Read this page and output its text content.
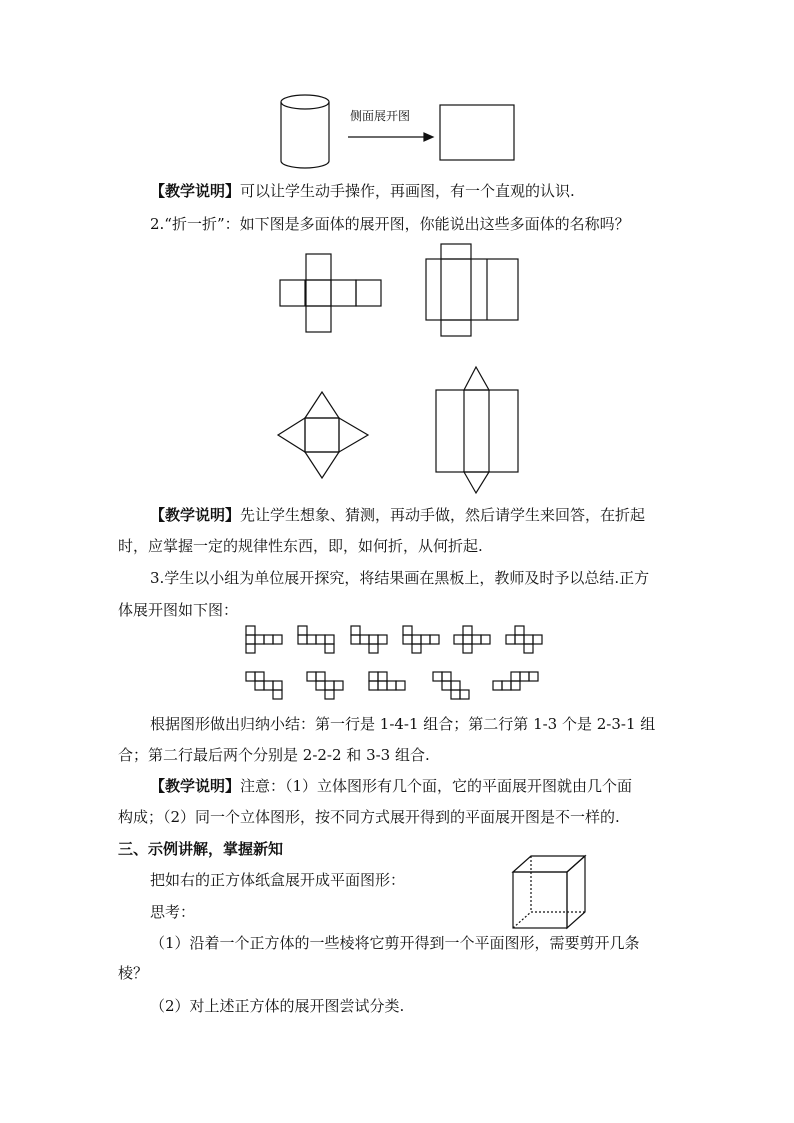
侧面展开图
【教学说明】可以让学生动手操作，再画图，有一个直观的认识.
2.“折一折”：如下图是多面体的展开图，你能说出这些多面体的名称吗？
【教学说明】先让学生想象、猜测，再动手做，然后请学生来回答，在折起
时，应掌握一定的规律性东西，即，如何折，从何折起.
3.学生以小组为单位展开探究，将结果画在黑板上，教师及时予以总结.正方
体展开图如下图：
根据图形做出归纳小结：第一行是 1-4-1 组合；第二行第 1-3 个是 2-3-1 组
合；第二行最后两个分别是 2-2-2 和 3-3 组合.
【教学说明】注意：（1）立体图形有几个面，它的平面展开图就由几个面
构成；（2）同一个立体图形，按不同方式展开得到的平面展开图是不一样的.
三、示例讲解，掌握新知
把如右的正方体纸盒展开成平面图形：
思考：
（1）沿着一个正方体的一些棱将它剪开得到一个平面图形，需要剪开几条
棱？
（2）对上述正方体的展开图尝试分类.
